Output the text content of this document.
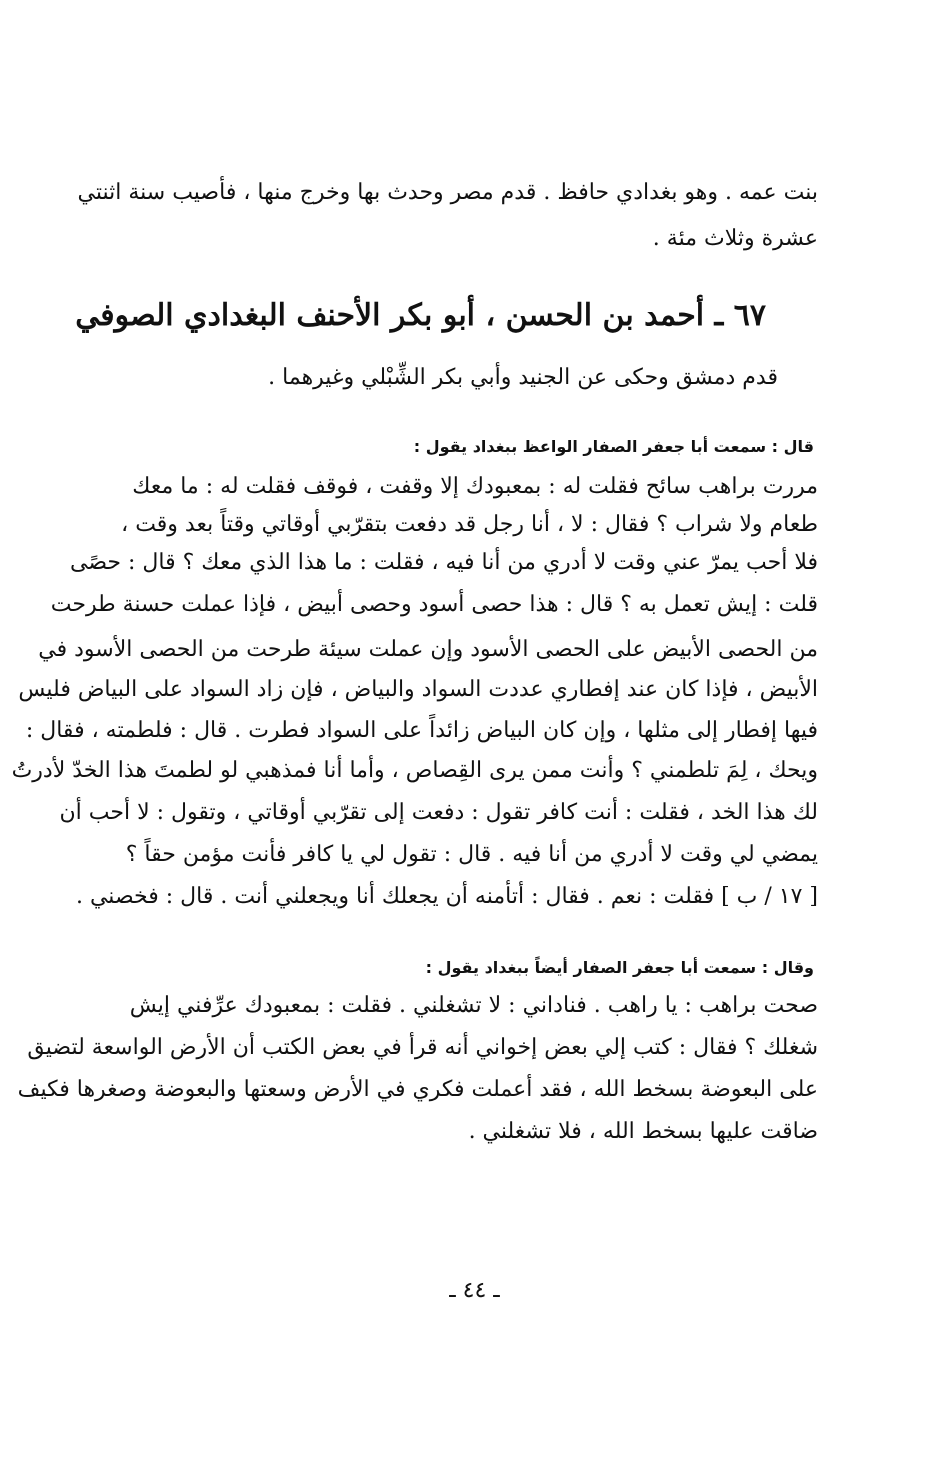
بنت عمه . وهو بغدادي حافظ . قدم مصر وحدث بها وخرج منها ، فأصيب سنة اثنتي
عشرة وثلاث مئة .
٦٧ ـ أحمد بن الحسن ، أبو بكر الأحنف البغدادي الصوفي
قدم دمشق وحكى عن الجنيد وأبي بكر الشِّبْلي وغيرهما .
قال : سمعت أبا جعفر الصفار الواعظ ببغداد يقول :
مررت براهب سائح فقلت له : بمعبودك إلا وقفت ، فوقف فقلت له : ما معك
طعام ولا شراب ؟ فقال : لا ، أنا رجل قد دفعت بتقرّبي أوقاتي وقتاً بعد وقت ،
فلا أحب يمرّ عني وقت لا أدري من أنا فيه ، فقلت : ما هذا الذي معك ؟ قال : حصًى
قلت : إيش تعمل به ؟ قال : هذا حصى أسود وحصى أبيض ، فإذا عملت حسنة طرحت
من الحصى الأبيض على الحصى الأسود وإن عملت سيئة طرحت من الحصى الأسود في
الأبيض ، فإذا كان عند إفطاري عددت السواد والبياض ، فإن زاد السواد على البياض فليس
فيها إفطار إلى مثلها ، وإن كان البياض زائداً على السواد فطرت . قال : فلطمته ، فقال :
ويحك ، لِمَ تلطمني ؟ وأنت ممن يرى القِصاص ، وأما أنا فمذهبي لو لطمتَ هذا الخدّ لأدرتُ
لك هذا الخد ، فقلت : أنت كافر تقول : دفعت إلى تقرّبي أوقاتي ، وتقول : لا أحب أن
يمضي لي وقت لا أدري من أنا فيه . قال : تقول لي يا كافر فأنت مؤمن حقاً ؟
[ ١٧ / ب ] فقلت : نعم . فقال : أتأمنه أن يجعلك أنا ويجعلني أنت . قال : فخصني .
وقال : سمعت أبا جعفر الصفار أيضاً ببغداد يقول :
صحت براهب : يا راهب . فناداني : لا تشغلني . فقلت : بمعبودك عرِّفني إيش
شغلك ؟ فقال : كتب إلي بعض إخواني أنه قرأ في بعض الكتب أن الأرض الواسعة لتضيق
على البعوضة بسخط الله ، فقد أعملت فكري في الأرض وسعتها والبعوضة وصغرها فكيف
ضاقت عليها بسخط الله ، فلا تشغلني .
ـ ٤٤ ـ
